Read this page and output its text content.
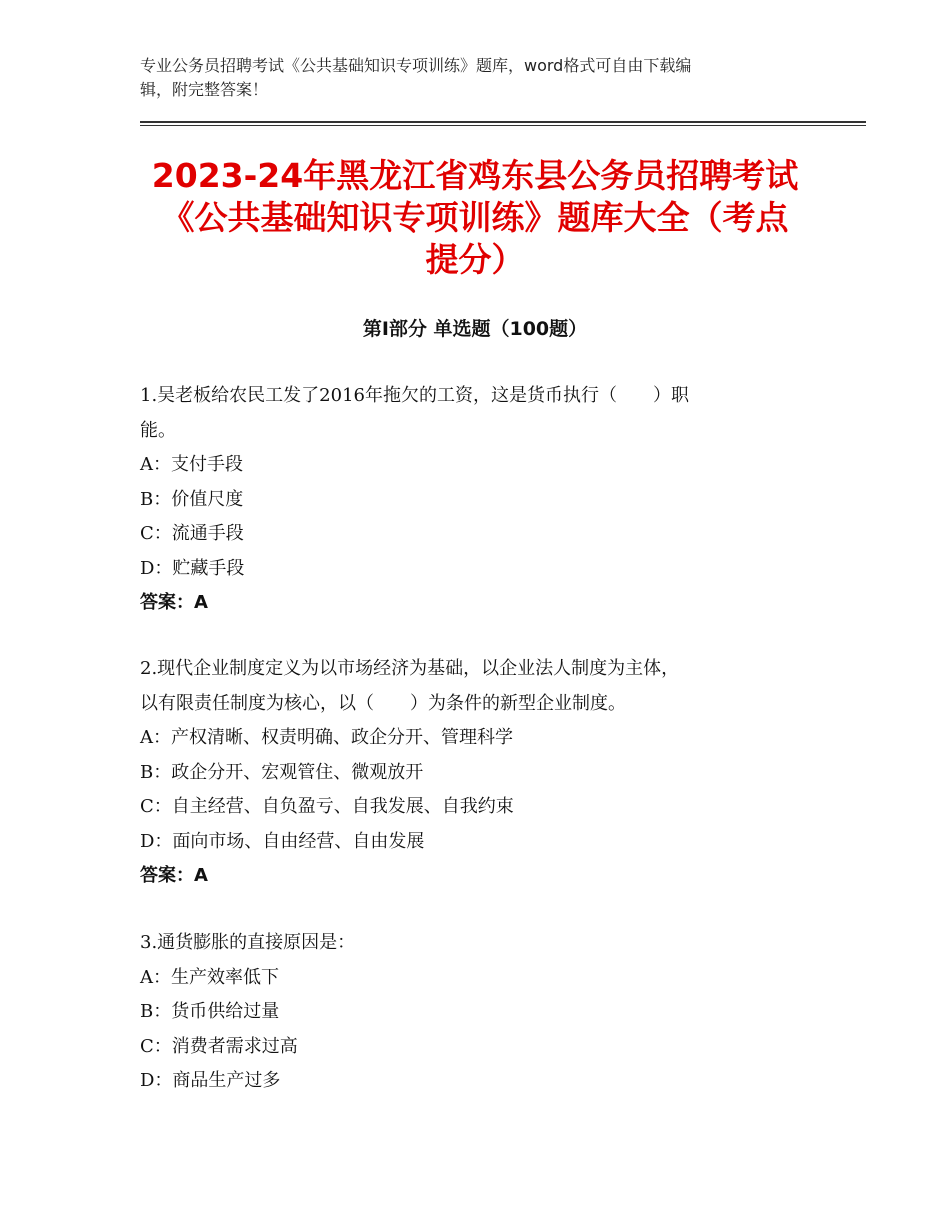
专业公务员招聘考试《公共基础知识专项训练》题库，word格式可自由下载编
辑，附完整答案！
2023-24年黑龙江省鸡东县公务员招聘考试
《公共基础知识专项训练》题库大全（考点
提分）
第Ⅰ部分 单选题（100题）
1.吴老板给农民工发了2016年拖欠的工资，这是货币执行（　　）职
能。
A：支付手段
B：价值尺度
C：流通手段
D：贮藏手段
答案：A
2.现代企业制度定义为以市场经济为基础，以企业法人制度为主体，
以有限责任制度为核心，以（　　）为条件的新型企业制度。
A：产权清晰、权责明确、政企分开、管理科学
B：政企分开、宏观管住、微观放开
C：自主经营、自负盈亏、自我发展、自我约束
D：面向市场、自由经营、自由发展
答案：A
3.通货膨胀的直接原因是：
A：生产效率低下
B：货币供给过量
C：消费者需求过高
D：商品生产过多
